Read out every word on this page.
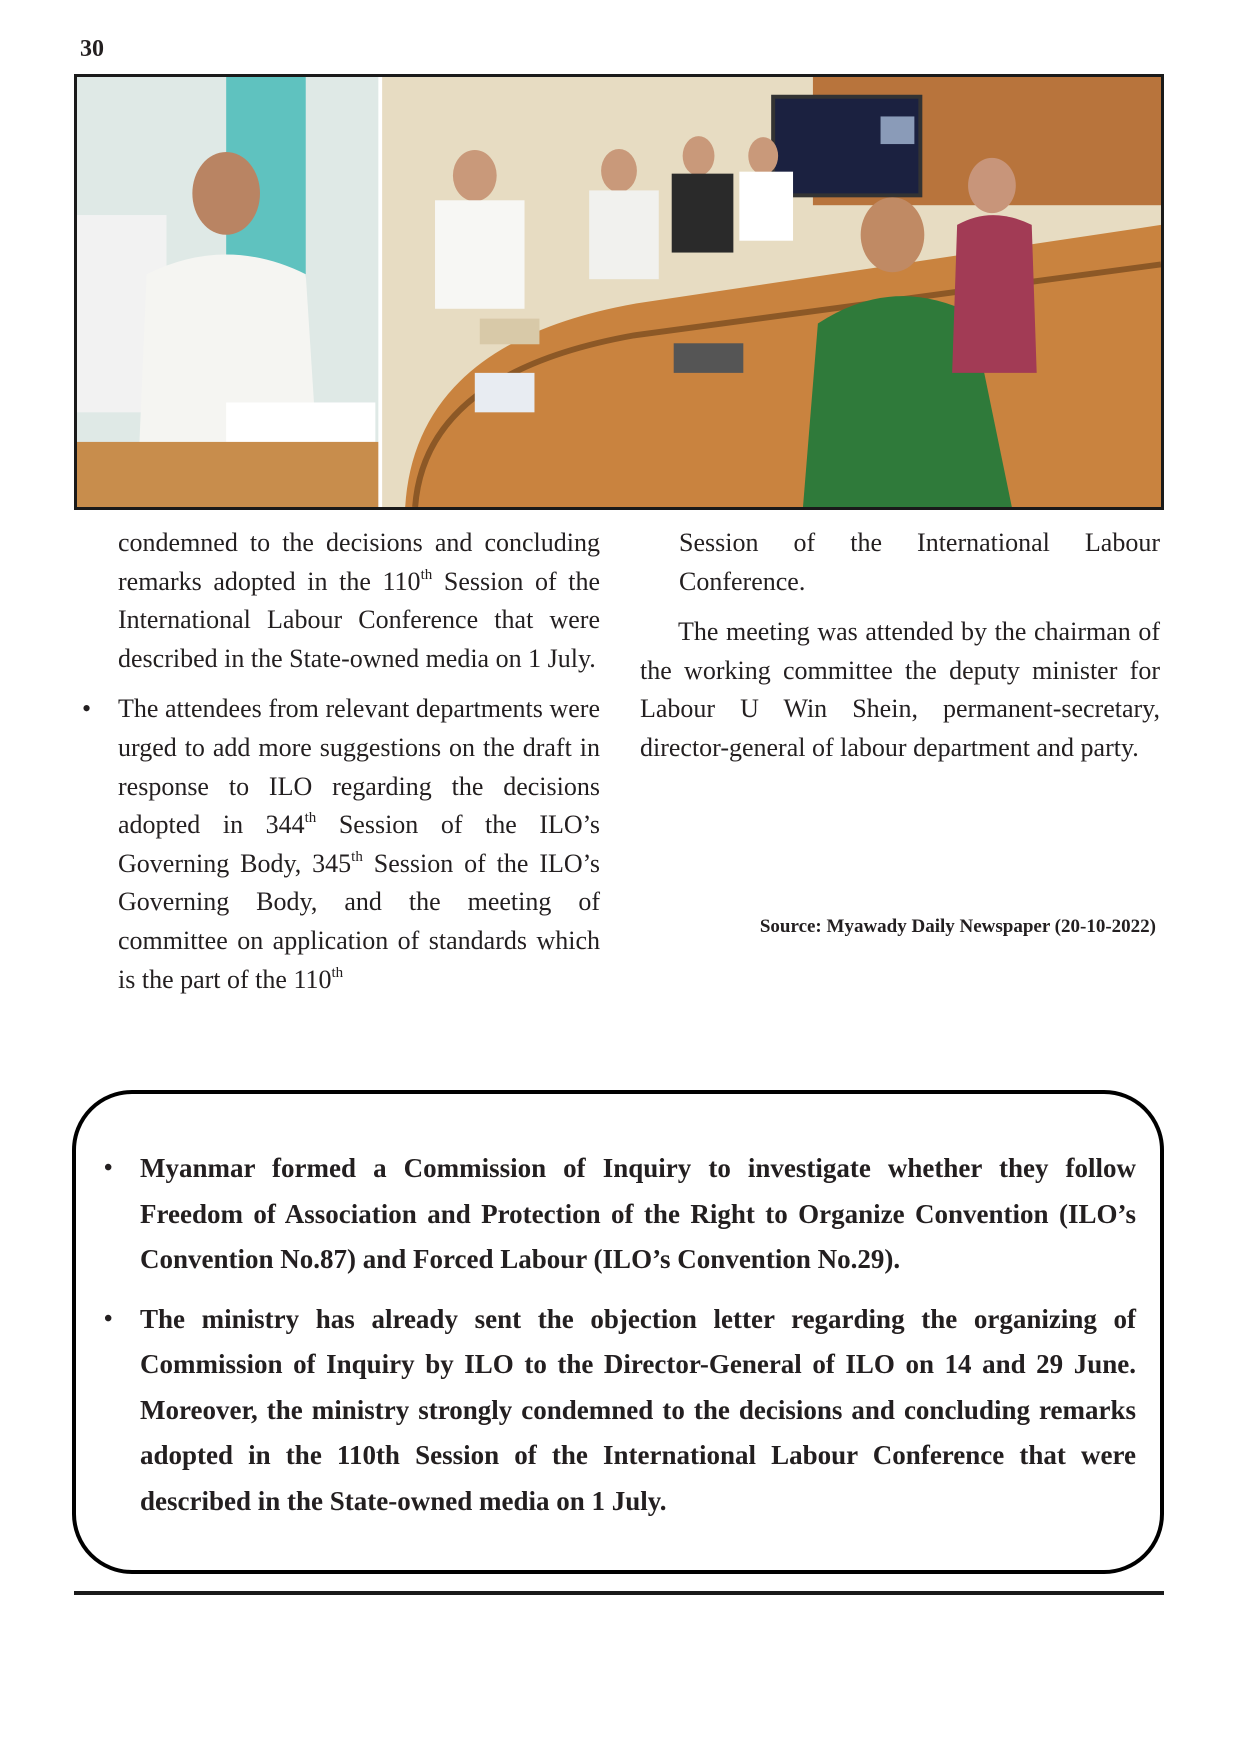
30

condemned to the decisions and concluding remarks adopted in the 110th Session of the International Labour Conference that were described in the State-owned media on 1 July.

• The attendees from relevant departments were urged to add more suggestions on the draft in response to ILO regarding the decisions adopted in 344th Session of the ILO’s Governing Body, 345th Session of the ILO’s Governing Body, and the meeting of committee on application of standards which is the part of the 110th

Session of the International Labour Conference.

The meeting was attended by the chairman of the working committee the deputy minister for Labour U Win Shein, permanent-secretary, director-general of labour department and party.

Source: Myawady Daily Newspaper (20-10-2022)

• Myanmar formed a Commission of Inquiry to investigate whether they follow Freedom of Association and Protection of the Right to Organize Convention (ILO’s Convention No.87) and Forced Labour (ILO’s Convention No.29).

• The ministry has already sent the objection letter regarding the organizing of Commission of Inquiry by ILO to the Director-General of ILO on 14 and 29 June. Moreover, the ministry strongly condemned to the decisions and concluding remarks adopted in the 110th Session of the International Labour Conference that were described in the State-owned media on 1 July.
